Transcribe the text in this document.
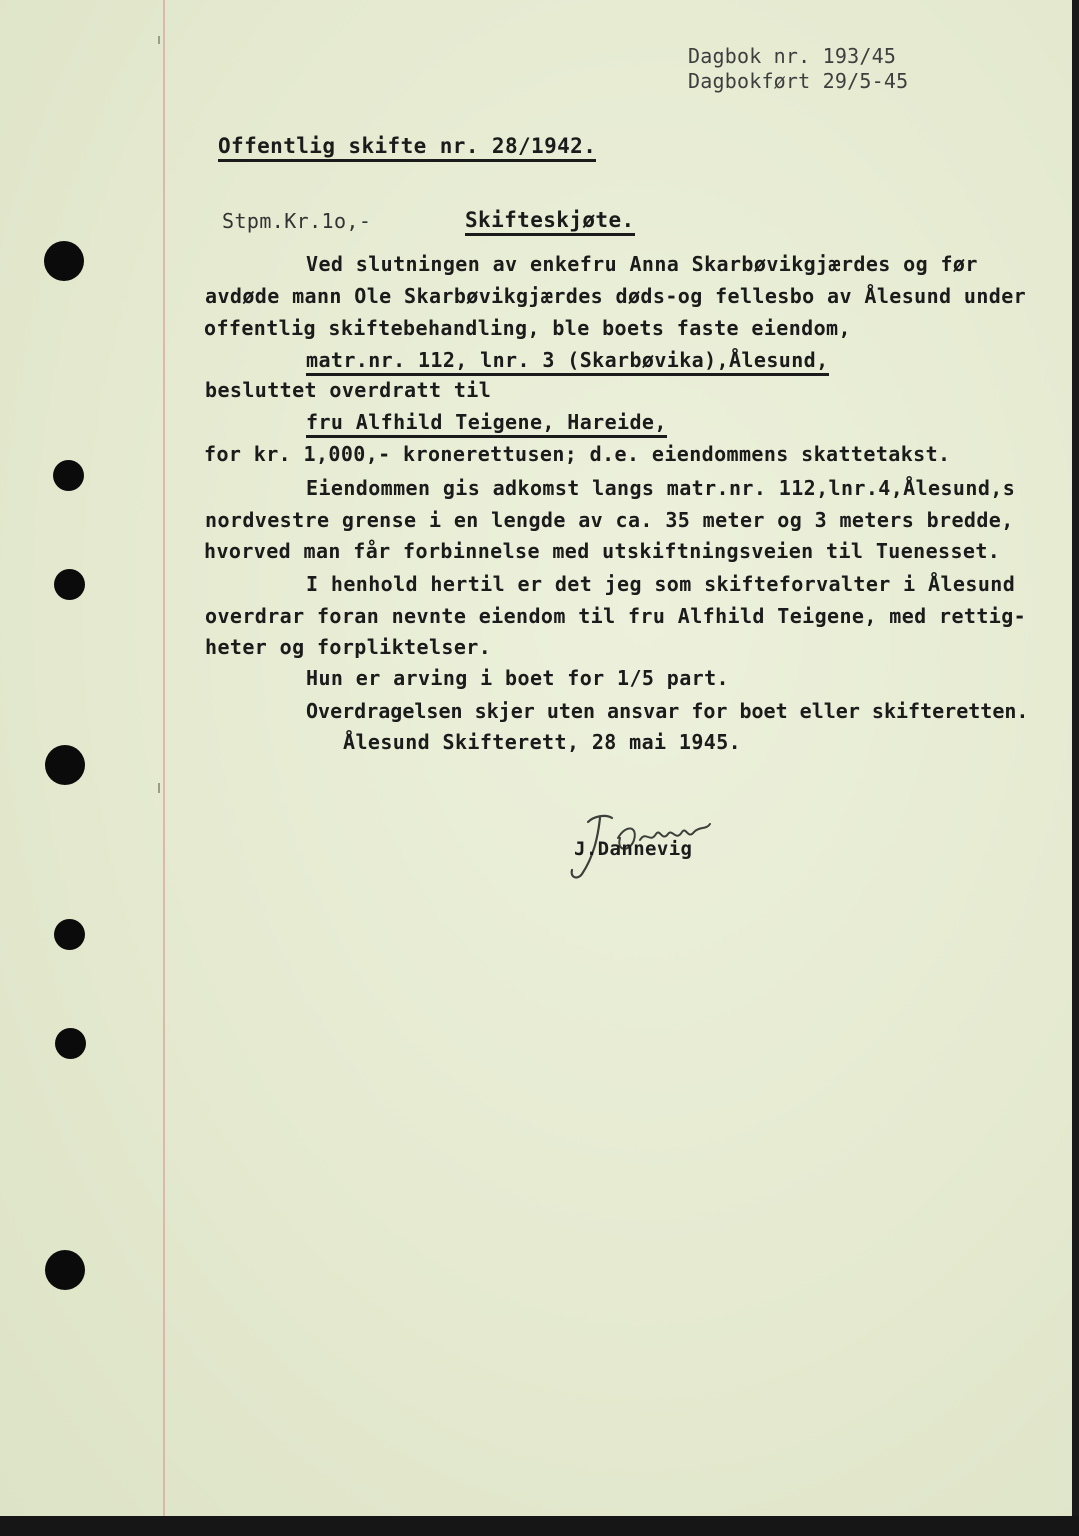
Dagbok nr. 193/45
Dagbokført 29/5-45
Offentlig skifte nr. 28/1942.
Stpm.Kr.1o,-	Skifteskjøte.
Ved slutningen av enkefru Anna Skarbøvikgjærdes og før
avdøde mann Ole Skarbøvikgjærdes døds-og fellesbo av Ålesund under
offentlig skiftebehandling, ble boets faste eiendom,
matr.nr. 112, lnr. 3 (Skarbøvika),Ålesund,
besluttet overdratt til
fru Alfhild Teigene, Hareide,
for kr. 1,000,- kronerettusen; d.e. eiendommens skattetakst.
Eiendommen gis adkomst langs matr.nr. 112,lnr.4,Ålesund,s
nordvestre grense i en lengde av ca. 35 meter og 3 meters bredde,
hvorved man får forbinnelse med utskiftningsveien til Tuenesset.
I henhold hertil er det jeg som skifteforvalter i Ålesund
overdrar foran nevnte eiendom til fru Alfhild Teigene, med rettig-
heter og forpliktelser.
Hun er arving i boet for 1/5 part.
Overdragelsen skjer uten ansvar for boet eller skifteretten.
Ålesund Skifterett, 28 mai 1945.
J.Dannevig
